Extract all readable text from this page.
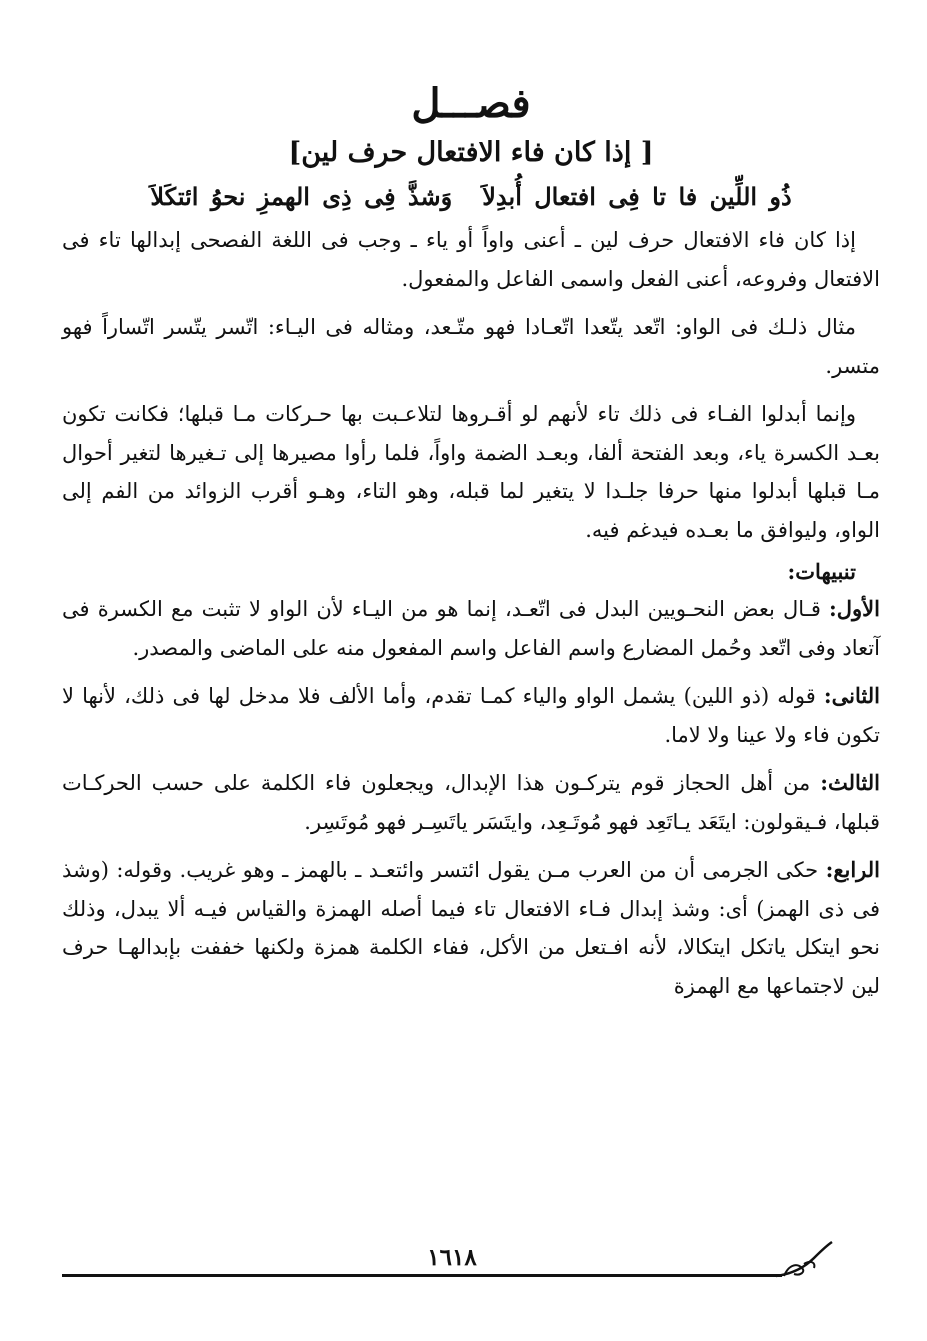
فصـــل
[ إذا كان فاء الافتعال حرف لين]
ذُو اللِّين فا تا فِى افتعال أُبدِلاَوَشذَّ فِى ذِى الهمزِ نحوُ ائتكَلاَ

إذا كان فاء الافتعال حرف لين ـ أعنى واواً أو ياء ـ وجب فى اللغة الفصحى إبدالها تاء فى الافتعال وفروعه، أعنى الفعل واسمى الفاعل والمفعول.

مثال ذلـك فى الواو: اتّعد يتّعدا اتّعـادا فهو متّـعد، ومثاله فى اليـاء: اتّسر يتّسر اتّساراً فهو متسر.

وإنما أبدلوا الفـاء فى ذلك تاء لأنهم لو أقـروها لتلاعـبت بها حـركات مـا قبلها؛ فكانت تكون بعـد الكسرة ياء، وبعد الفتحة ألفا، وبعـد الضمة واواً، فلما رأوا مصيرها إلى تـغيرها لتغير أحوال مـا قبلها أبدلوا منها حرفا جلـدا لا يتغير لما قبله، وهو التاء، وهـو أقرب الزوائد من الفم إلى الواو، وليوافق ما بعـده فيدغم فيه.

تنبيهات:

الأول: قـال بعض النحـويين البدل فى اتّعـد، إنما هو من اليـاء لأن الواو لا تثبت مع الكسرة فى آتعاد وفى اتّعد وحُمل المضارع واسم الفاعل واسم المفعول منه على الماضى والمصدر.

الثانى: قوله (ذو اللين) يشمل الواو والياء كمـا تقدم، وأما الألف فلا مدخل لها فى ذلك، لأنها لا تكون فاء ولا عينا ولا لاما.

الثالث: من أهل الحجاز قوم يتركـون هذا الإبدال، ويجعلون فاء الكلمة على حسب الحركـات قبلها، فـيقولون: ايتَعَد يـاتَعِد فهو مُوتَـعِد، وايتَسَر ياتَسِـر فهو مُوتَسِر.

الرابع: حكى الجرمى أن من العرب مـن يقول ائتسر وائتعـد ـ بالهمز ـ وهو غريب. وقوله: (وشذ فى ذى الهمز) أى: وشذ إبدال فـاء الافتعال تاء فيما أصله الهمزة والقياس فيـه ألا يبدل، وذلك نحو ايتكل ياتكل ايتكالا، لأنه افـتعل من الأكل، ففاء الكلمة همزة ولكنها خففت بإبدالهـا حرف لين لاجتماعها مع الهمزة

١٦١٨
